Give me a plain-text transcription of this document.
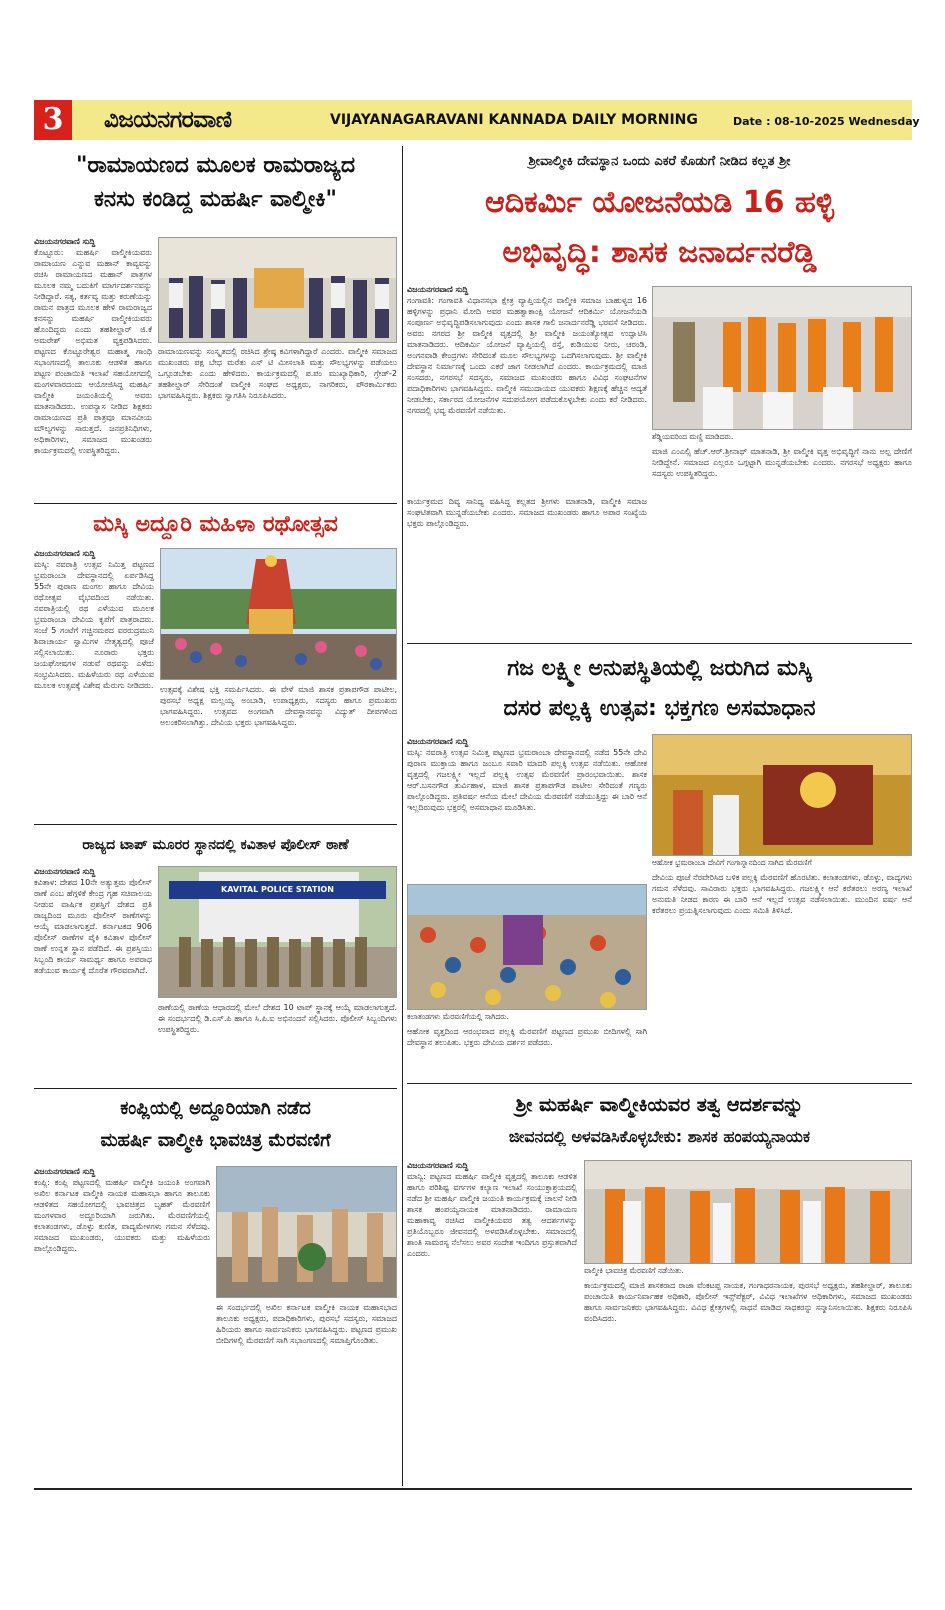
3	ವಿಜಯನಗರವಾಣಿ	VIJAYANAGARAVANI KANNADA DAILY MORNING	Date : 08-10-2025 Wednesday
"ರಾಮಾಯಣದ ಮೂಲಕ ರಾಮರಾಜ್ಯದ
ಕನಸು ಕಂಡಿದ್ದ ಮಹರ್ಷಿ ವಾಲ್ಮೀಕಿ"
ವಿಜಯನಗರವಾಣಿ ಸುದ್ದಿ
ಕೊಟ್ಟೂರು: ಮಹರ್ಷಿ ವಾಲ್ಮೀಕಿಯವರು ರಾಮಾಯಣ ಎನ್ನುವ ಮಹಾನ್ ಕಾವ್ಯವನ್ನು ರಚಿಸಿ ರಾಮಾಯಣದ ಮಹಾನ್ ಪಾತ್ರಗಳ ಮೂಲಕ ನಮ್ಮ ಬದುಕಿಗೆ ಮಾರ್ಗದರ್ಶನವನ್ನು ನೀಡಿದ್ದಾರೆ. ಸತ್ಯ, ಕರ್ತವ್ಯ ಮತ್ತು ಕರುಣೆಯನ್ನು ರಾಮನ ಪಾತ್ರದ ಮೂಲಕ ಹೇಳಿ ರಾಮರಾಜ್ಯದ ಕನಸನ್ನು ಮಹರ್ಷಿ ವಾಲ್ಮೀಕಿಯವರು ಹೊಂದಿದ್ದರು ಎಂದು ತಹಶೀಲ್ದಾರ್ ಜಿ.ಕೆ ಅಮರೇಶ್ ಅಭಿಮತ ವ್ಯಕ್ತಪಡಿಸಿದರು. ಪಟ್ಟಣದ ಕೊಟ್ಟೂರೇಶ್ವರ ಮಹಾತ್ಮ ಗಾಂಧಿ ಸಭಾಂಗಣದಲ್ಲಿ ತಾಲೂಕು ಆಡಳಿತ ಹಾಗೂ ಪಟ್ಟಣ ಪಂಚಾಯಿತಿ ಇಲಾಖೆ ಸಹಯೋಗದಲ್ಲಿ ಮಂಗಳವಾರದಂದು ಆಯೋಜಿಸಿದ್ದ ಮಹರ್ಷಿ ವಾಲ್ಮೀಕಿ ಜಯಂತಿಯಲ್ಲಿ ಅವರು ಮಾತನಾಡಿದರು. ಉಪನ್ಯಾಸ ನೀಡಿದ ಶಿಕ್ಷಕರು ರಾಮಾಯಣದ ಪ್ರತಿ ಪಾತ್ರವೂ ಮಾನವೀಯ ಮೌಲ್ಯಗಳನ್ನು ಸಾರುತ್ತದೆ. ಜನಪ್ರತಿನಿಧಿಗಳು, ಅಧಿಕಾರಿಗಳು, ಸಮಾಜದ ಮುಖಂಡರು ಕಾರ್ಯಕ್ರಮದಲ್ಲಿ ಉಪಸ್ಥಿತರಿದ್ದರು.
ರಾಮಾಯಣವನ್ನು ಸಂಸ್ಕೃತದಲ್ಲಿ ರಚಿಸಿದ ಶ್ರೇಷ್ಠ ಕವಿಗಳಾಗಿದ್ದಾರೆ ಎಂದರು. ವಾಲ್ಮೀಕಿ ಸಮಾಜದ ಮುಖಂಡರು ಪಕ್ಷ ಬೇಧ ಮರೆತು ಎಸ್ ಟಿ ಮೀಸಲಾತಿ ಮತ್ತು ಸೌಲಭ್ಯಗಳನ್ನು ಪಡೆಯಲು ಒಗ್ಗೂಡಬೇಕು ಎಂದು ಹೇಳಿದರು. ಕಾರ್ಯಕ್ರಮದಲ್ಲಿ ಪ.ಪಂ ಮುಖ್ಯಾಧಿಕಾರಿ, ಗ್ರೇಡ್-2 ತಹಶೀಲ್ದಾರ್ ಸೇರಿದಂತೆ ವಾಲ್ಮೀಕಿ ಸಂಘದ ಅಧ್ಯಕ್ಷರು, ನಾಗರಿಕರು, ಪೌರಕಾರ್ಮಿಕರು ಭಾಗವಹಿಸಿದ್ದರು. ಶಿಕ್ಷಕರು ಸ್ವಾಗತಿಸಿ ನಿರೂಪಿಸಿದರು.
ಮಸ್ಕಿ ಅದ್ದೂರಿ ಮಹಿಳಾ ರಥೋತ್ಸವ
ವಿಜಯನಗರವಾಣಿ ಸುದ್ದಿ
ಮಸ್ಕಿ: ನವರಾತ್ರಿ ಉತ್ಸವ ನಿಮಿತ್ತ ಪಟ್ಟಣದ ಭ್ರಮರಾಂಬಾ ದೇವಸ್ಥಾನದಲ್ಲಿ ಏರ್ಪಡಿಸಿದ್ದ 55ನೇ ಪುರಾಣ ಮಂಗಲ ಹಾಗೂ ದೇವಿಯ ರಥೋತ್ಸವ ವೈಭವದಿಂದ ನಡೆಯಿತು. ನವರಾತ್ರಿಯಲ್ಲಿ ರಥ ಎಳೆಯುವ ಮೂಲಕ ಭ್ರಮರಾಂಬಾ ದೇವಿಯ ಕೃಪೆಗೆ ಪಾತ್ರರಾದರು. ಸಂಜೆ 5 ಗಂಟೆಗೆ ಗಚ್ಚಿನಮಠದ ವರರುದ್ರಮುನಿ ಶಿವಾಚಾರ್ಯ ಸ್ವಾಮಿಗಳ ನೇತೃತ್ವದಲ್ಲಿ ಪೂಜೆ ಸಲ್ಲಿಸಲಾಯಿತು. ನೂರಾರು ಭಕ್ತರು ಜಯಘೋಷಗಳ ನಡುವೆ ರಥವನ್ನು ಎಳೆದು ಸಂಭ್ರಮಿಸಿದರು. ಮಹಿಳೆಯರು ರಥ ಎಳೆಯುವ ಮೂಲಕ ಉತ್ಸವಕ್ಕೆ ವಿಶೇಷ ಮೆರುಗು ನೀಡಿದರು. ಉತ್ಸವಕ್ಕೆ ವಿಶೇಷ ಭಕ್ತಿ ಸಮರ್ಪಿಸಿದರು. ಈ ವೇಳೆ ಮಾಜಿ ಶಾಸಕ ಪ್ರತಾಪಗೌಡ ಪಾಟೀಲ, ಪುರಸಭೆ ಅಧ್ಯಕ್ಷ ಮಲ್ಲಯ್ಯ ಅಂಬಾಡಿ, ಉಪಾಧ್ಯಕ್ಷರು, ಸದಸ್ಯರು ಹಾಗೂ ಪ್ರಮುಖರು ಭಾಗವಹಿಸಿದ್ದರು. ಉತ್ಸವದ ಅಂಗವಾಗಿ ದೇವಸ್ಥಾನವನ್ನು ವಿದ್ಯುತ್ ದೀಪಗಳಿಂದ ಅಲಂಕರಿಸಲಾಗಿತ್ತು. ದೇವಿಯ ಭಕ್ತರು ಭಾಗವಹಿಸಿದ್ದರು.
ರಾಜ್ಯದ ಟಾಪ್ ಮೂರರ ಸ್ಥಾನದಲ್ಲಿ ಕವಿತಾಳ ಪೊಲೀಸ್ ಠಾಣೆ
ವಿಜಯನಗರವಾಣಿ ಸುದ್ದಿ
ಕವಿತಾಳ: ದೇಶದ 10ನೇ ಅತ್ಯುತ್ತಮ ಪೊಲೀಸ್ ಠಾಣೆ ಎಂಬ ಹೆಗ್ಗಳಿಕೆ ಕೇಂದ್ರ ಗೃಹ ಸಚಿವಾಲಯ ನೀಡುವ ವಾರ್ಷಿಕ ಪ್ರಶಸ್ತಿಗೆ ದೇಶದ ಪ್ರತಿ ರಾಜ್ಯದಿಂದ ಮೂರು ಪೊಲೀಸ್ ಠಾಣೆಗಳನ್ನು ಆಯ್ಕೆ ಮಾಡಲಾಗುತ್ತದೆ. ಕರ್ನಾಟಕದ 906 ಪೊಲೀಸ್ ಠಾಣೆಗಳ ಪೈಕಿ ಕವಿತಾಳ ಪೊಲೀಸ್ ಠಾಣೆ ಉನ್ನತ ಸ್ಥಾನ ಪಡೆದಿದೆ. ಈ ಪ್ರಶಸ್ತಿಯು ಸಿಬ್ಬಂದಿ ಕಾರ್ಯ ಸಾಮರ್ಥ್ಯ ಹಾಗೂ ಅಪರಾಧ ತಡೆಯುವ ಕಾರ್ಯಕ್ಕೆ ದೊರೆತ ಗೌರವವಾಗಿದೆ.
KAVITAL POLICE STATION
ಠಾಣೆಯಲ್ಲಿ ಠಾಣೆಯ ಆಧಾರದಲ್ಲಿ ಮೇಲೆ ದೇಶದ 10 ಟಾಪ್ ಸ್ಥಾನಕ್ಕೆ ಆಯ್ಕೆ ಮಾಡಲಾಗುತ್ತದೆ. ಈ ಸಂದರ್ಭದಲ್ಲಿ ಡಿ.ಎಸ್.ಪಿ ಹಾಗೂ ಸಿ.ಪಿ.ಐ ಅಭಿನಂದನೆ ಸಲ್ಲಿಸಿದರು. ಪೊಲೀಸ್ ಸಿಬ್ಬಂದಿಗಳು ಉಪಸ್ಥಿತರಿದ್ದರು.
ಕಂಪ್ಲಿಯಲ್ಲಿ ಅದ್ದೂರಿಯಾಗಿ ನಡೆದ
ಮಹರ್ಷಿ ವಾಲ್ಮೀಕಿ ಭಾವಚಿತ್ರ ಮೆರವಣಿಗೆ
ವಿಜಯನಗರವಾಣಿ ಸುದ್ದಿ
ಕಂಪ್ಲಿ: ಕಂಪ್ಲಿ ಪಟ್ಟಣದಲ್ಲಿ ಮಹರ್ಷಿ ವಾಲ್ಮೀಕಿ ಜಯಂತಿ ಅಂಗವಾಗಿ ಅಖಿಲ ಕರ್ನಾಟಕ ವಾಲ್ಮೀಕಿ ನಾಯಕ ಮಹಾಸಭಾ ಹಾಗೂ ತಾಲೂಕು ಆಡಳಿತದ ಸಹಯೋಗದಲ್ಲಿ ಭಾವಚಿತ್ರದ ಬೃಹತ್ ಮೆರವಣಿಗೆ ಮಂಗಳವಾರ ಅದ್ದೂರಿಯಾಗಿ ಜರುಗಿತು. ಮೆರವಣಿಗೆಯಲ್ಲಿ ಕಲಾತಂಡಗಳು, ಡೊಳ್ಳು ಕುಣಿತ, ವಾದ್ಯಮೇಳಗಳು ಗಮನ ಸೆಳೆದವು. ಸಮಾಜದ ಮುಖಂಡರು, ಯುವಕರು ಮತ್ತು ಮಹಿಳೆಯರು ಪಾಲ್ಗೊಂಡಿದ್ದರು.
ಈ ಸಂದರ್ಭದಲ್ಲಿ ಅಖಿಲ ಕರ್ನಾಟಕ ವಾಲ್ಮೀಕಿ ನಾಯಕ ಮಹಾಸಭಾದ ತಾಲೂಕು ಅಧ್ಯಕ್ಷರು, ಪದಾಧಿಕಾರಿಗಳು, ಪುರಸಭೆ ಸದಸ್ಯರು, ಸಮಾಜದ ಹಿರಿಯರು ಹಾಗೂ ಸಾರ್ವಜನಿಕರು ಭಾಗವಹಿಸಿದ್ದರು. ಪಟ್ಟಣದ ಪ್ರಮುಖ ಬೀದಿಗಳಲ್ಲಿ ಮೆರವಣಿಗೆ ಸಾಗಿ ಸಭಾಂಗಣದಲ್ಲಿ ಸಮಾಪ್ತಿಗೊಂಡಿತು.
ಶ್ರೀವಾಲ್ಮೀಕಿ ದೇವಸ್ಥಾನ ಒಂದು ಎಕರೆ ಕೊಡುಗೆ ನೀಡಿದ ಕಲ್ಲತ ಶ್ರೀ
ಆದಿಕರ್ಮಿ ಯೋಜನೆಯಡಿ 16 ಹಳ್ಳಿ
ಅಭಿವೃದ್ಧಿ: ಶಾಸಕ ಜನಾರ್ದನರೆಡ್ಡಿ
ವಿಜಯನಗರವಾಣಿ ಸುದ್ದಿ
ಗಂಗಾವತಿ: ಗಂಗಾವತಿ ವಿಧಾನಸಭಾ ಕ್ಷೇತ್ರ ವ್ಯಾಪ್ತಿಯಲ್ಲಿನ ವಾಲ್ಮೀಕಿ ಸಮಾಜ ಬಾಹುಳ್ಯದ 16 ಹಳ್ಳಿಗಳನ್ನು ಪ್ರಧಾನಿ ಮೋದಿ ಅವರ ಮಹತ್ವಾಕಾಂಕ್ಷಿ ಯೋಜನೆ ಆದಿಕರ್ಮಿ ಯೋಜನೆಯಡಿ ಸಂಪೂರ್ಣ ಅಭಿವೃದ್ಧಿಪಡಿಸಲಾಗುವುದು ಎಂದು ಶಾಸಕ ಗಾಲಿ ಜನಾರ್ದನರೆಡ್ಡಿ ಭರವಸೆ ನೀಡಿದರು. ಅವರು ನಗರದ ಶ್ರೀ ವಾಲ್ಮೀಕಿ ವೃತ್ತದಲ್ಲಿ ಶ್ರೀ ವಾಲ್ಮೀಕಿ ಜಯಂತ್ಯೋತ್ಸವ ಉದ್ಘಾಟಿಸಿ ಮಾತನಾಡಿದರು. ಆದಿಕರ್ಮಿ ಯೋಜನೆ ವ್ಯಾಪ್ತಿಯಲ್ಲಿ ರಸ್ತೆ, ಕುಡಿಯುವ ನೀರು, ಚರಂಡಿ, ಅಂಗನವಾಡಿ ಕೇಂದ್ರಗಳು ಸೇರಿದಂತೆ ಮೂಲ ಸೌಲಭ್ಯಗಳನ್ನು ಒದಗಿಸಲಾಗುವುದು. ಶ್ರೀ ವಾಲ್ಮೀಕಿ ದೇವಸ್ಥಾನ ನಿರ್ಮಾಣಕ್ಕೆ ಒಂದು ಎಕರೆ ಜಾಗ ನೀಡಲಾಗಿದೆ ಎಂದರು. ಕಾರ್ಯಕ್ರಮದಲ್ಲಿ ಮಾಜಿ ಸಂಸದರು, ನಗರಸಭೆ ಸದಸ್ಯರು, ಸಮಾಜದ ಮುಖಂಡರು ಹಾಗೂ ವಿವಿಧ ಸಂಘಟನೆಗಳ ಪದಾಧಿಕಾರಿಗಳು ಭಾಗವಹಿಸಿದ್ದರು. ವಾಲ್ಮೀಕಿ ಸಮುದಾಯದ ಯುವಕರು ಶಿಕ್ಷಣಕ್ಕೆ ಹೆಚ್ಚಿನ ಆದ್ಯತೆ ನೀಡಬೇಕು, ಸರ್ಕಾರದ ಯೋಜನೆಗಳ ಸದುಪಯೋಗ ಪಡೆದುಕೊಳ್ಳಬೇಕು ಎಂದು ಕರೆ ನೀಡಿದರು. ನಗರದಲ್ಲಿ ಭವ್ಯ ಮೆರವಣಿಗೆ ನಡೆಯಿತು.
ಶೆಡ್ಡಿಯವರಿಂದ ಮಣ್ಣಿ ಮಾಡಿದರು.
ಮಾಜಿ ಎಂಎಲ್ಸಿ ಹೆಚ್.ಆರ್.ಶ್ರೀನಾಥ್ ಮಾತನಾಡಿ, ಶ್ರೀ ವಾಲ್ಮೀಕಿ ವೃತ್ತ ಅಭಿವೃದ್ಧಿಗೆ ನಾನು ಅಲ್ಪ ದೇಣಿಗೆ ನೀಡಿದ್ದೇನೆ. ಸಮಾಜದ ಎಲ್ಲರೂ ಒಗ್ಗಟ್ಟಾಗಿ ಮುನ್ನಡೆಯಬೇಕು ಎಂದರು. ನಗರಸಭೆ ಅಧ್ಯಕ್ಷರು ಹಾಗೂ ಸದಸ್ಯರು ಉಪಸ್ಥಿತರಿದ್ದರು.
ಕಾರ್ಯಕ್ರಮದ ದಿವ್ಯ ಸಾನಿಧ್ಯ ವಹಿಸಿದ್ದ ಕಲ್ಲತದ ಶ್ರೀಗಳು ಮಾತನಾಡಿ, ವಾಲ್ಮೀಕಿ ಸಮಾಜ ಸಂಘಟಿತವಾಗಿ ಮುನ್ನಡೆಯಬೇಕು ಎಂದರು. ಸಮಾಜದ ಮುಖಂಡರು ಹಾಗೂ ಅಪಾರ ಸಂಖ್ಯೆಯ ಭಕ್ತರು ಪಾಲ್ಗೊಂಡಿದ್ದರು.
ಗಜ ಲಕ್ಷ್ಮೀ ಅನುಪಸ್ಥಿತಿಯಲ್ಲಿ ಜರುಗಿದ ಮಸ್ಕಿ
ದಸರ ಪಲ್ಲಕ್ಕಿ ಉತ್ಸವ: ಭಕ್ತಗಣ ಅಸಮಾಧಾನ
ವಿಜಯನಗರವಾಣಿ ಸುದ್ದಿ
ಮಸ್ಕಿ: ನವರಾತ್ರಿ ಉತ್ಸವ ನಿಮಿತ್ತ ಪಟ್ಟಣದ ಭ್ರಮರಾಂಬಾ ದೇವಸ್ಥಾನದಲ್ಲಿ ನಡೆದ 55ನೇ ದೇವಿ ಪುರಾಣ ಮುಕ್ತಾಯ ಹಾಗೂ ಜಂಬೂ ಸವಾರಿ ಮಾದರಿ ಪಲ್ಲಕ್ಕಿ ಉತ್ಸವ ನಡೆಯಿತು. ಆಹೋಕ ವೃತ್ತದಲ್ಲಿ ಗಜಲಕ್ಷ್ಮೀ ಇಲ್ಲದೆ ಪಲ್ಲಕ್ಕಿ ಉತ್ಸವ ಮೆರವಣಿಗೆ ಪ್ರಾರಂಭವಾಯಿತು. ಶಾಸಕ ಆರ್.ಬಸನಗೌಡ ತುರ್ವಿಹಾಳ, ಮಾಜಿ ಶಾಸಕ ಪ್ರತಾಪಗೌಡ ಪಾಟೀಲ ಸೇರಿದಂತೆ ಗಣ್ಯರು ಪಾಲ್ಗೊಂಡಿದ್ದರು. ಪ್ರತಿವರ್ಷ ಆನೆಯ ಮೇಲೆ ದೇವಿಯ ಮೆರವಣಿಗೆ ನಡೆಯುತ್ತಿದ್ದು ಈ ಬಾರಿ ಆನೆ ಇಲ್ಲದಿರುವುದು ಭಕ್ತರಲ್ಲಿ ಅಸಮಾಧಾನ ಮೂಡಿಸಿತು.
ಆಹೋಕ ಭ್ರಮರಾಂಬಾ ದೇವಿಗೆ ಗಂಗಾಸ್ನಾನದಿಂದ ಸಾಗಿದ ಮೆರವಣಿಗೆ
ದೇವಿಯ ಪೂಜೆ ನೆರವೇರಿಸಿದ ಬಳಿಕ ಪಲ್ಲಕ್ಕಿ ಮೆರವಣಿಗೆ ಹೊರಟಿತು. ಕಲಾತಂಡಗಳು, ಡೊಳ್ಳು, ವಾದ್ಯಗಳು ಗಮನ ಸೆಳೆದವು. ಸಾವಿರಾರು ಭಕ್ತರು ಭಾಗವಹಿಸಿದ್ದರು. ಗಜಲಕ್ಷ್ಮೀ ಆನೆ ಕರೆತರಲು ಅರಣ್ಯ ಇಲಾಖೆ ಅನುಮತಿ ನೀಡದ ಕಾರಣ ಈ ಬಾರಿ ಆನೆ ಇಲ್ಲದೆ ಉತ್ಸವ ನಡೆಸಲಾಯಿತು. ಮುಂದಿನ ವರ್ಷ ಆನೆ ಕರೆತರಲು ಪ್ರಯತ್ನಿಸಲಾಗುವುದು ಎಂದು ಸಮಿತಿ ತಿಳಿಸಿದೆ.
ಕಲಾತಂಡಗಳು ಮೆರವಣಿಗೆಯಲ್ಲಿ ಸಾಗಿದರು.
ಆಹೋಕ ವೃತ್ತದಿಂದ ಆರಂಭವಾದ ಪಲ್ಲಕ್ಕಿ ಮೆರವಣಿಗೆ ಪಟ್ಟಣದ ಪ್ರಮುಖ ಬೀದಿಗಳಲ್ಲಿ ಸಾಗಿ ದೇವಸ್ಥಾನ ತಲುಪಿತು. ಭಕ್ತರು ದೇವಿಯ ದರ್ಶನ ಪಡೆದರು.
ಶ್ರೀ ಮಹರ್ಷಿ ವಾಲ್ಮೀಕಿಯವರ ತತ್ವ ಆದರ್ಶವನ್ನು
ಜೀವನದಲ್ಲಿ ಅಳವಡಿಸಿಕೊಳ್ಳಬೇಕು: ಶಾಸಕ ಹಂಪಯ್ಯನಾಯಕ
ವಿಜಯನಗರವಾಣಿ ಸುದ್ದಿ
ಮಾನ್ವಿ: ಪಟ್ಟಣದ ಮಹರ್ಷಿ ವಾಲ್ಮೀಕಿ ವೃತ್ತದಲ್ಲಿ ತಾಲೂಕು ಆಡಳಿತ ಹಾಗೂ ಪರಿಶಿಷ್ಟ ವರ್ಗಗಳ ಕಲ್ಯಾಣ ಇಲಾಖೆ ಸಂಯುಕ್ತಾಶ್ರಯದಲ್ಲಿ ನಡೆದ ಶ್ರೀ ಮಹರ್ಷಿ ವಾಲ್ಮೀಕಿ ಜಯಂತಿ ಕಾರ್ಯಕ್ರಮಕ್ಕೆ ಚಾಲನೆ ನೀಡಿ ಶಾಸಕ ಹಂಪಯ್ಯನಾಯಕ ಮಾತನಾಡಿದರು. ರಾಮಾಯಣ ಮಹಾಕಾವ್ಯ ರಚಿಸಿದ ವಾಲ್ಮೀಕಿಯವರ ತತ್ವ ಆದರ್ಶಗಳನ್ನು ಪ್ರತಿಯೊಬ್ಬರೂ ಜೀವನದಲ್ಲಿ ಅಳವಡಿಸಿಕೊಳ್ಳಬೇಕು. ಸಮಾಜದಲ್ಲಿ ಶಾಂತಿ ಸಾಮರಸ್ಯ ನೆಲೆಸಲು ಅವರ ಸಂದೇಶ ಇಂದಿಗೂ ಪ್ರಸ್ತುತವಾಗಿದೆ ಎಂದರು.
ವಾಲ್ಮೀಕಿ ಭಾವಚಿತ್ರ ಮೆರವಣಿಗೆ ನಡೆಯಿತು.
ಕಾರ್ಯಕ್ರಮದಲ್ಲಿ ಮಾಜಿ ಶಾಸಕರಾದ ರಾಜಾ ವೆಂಕಟಪ್ಪ ನಾಯಕ, ಗಂಗಾಧರನಾಯಕ, ಪುರಸಭೆ ಅಧ್ಯಕ್ಷರು, ತಹಶೀಲ್ದಾರ್, ತಾಲೂಕು ಪಂಚಾಯಿತಿ ಕಾರ್ಯನಿರ್ವಾಹಕ ಅಧಿಕಾರಿ, ಪೊಲೀಸ್ ಇನ್ಸ್‌ಪೆಕ್ಟರ್, ವಿವಿಧ ಇಲಾಖೆಗಳ ಅಧಿಕಾರಿಗಳು, ಸಮಾಜದ ಮುಖಂಡರು ಹಾಗೂ ಸಾರ್ವಜನಿಕರು ಭಾಗವಹಿಸಿದ್ದರು. ವಿವಿಧ ಕ್ಷೇತ್ರಗಳಲ್ಲಿ ಸಾಧನೆ ಮಾಡಿದ ಸಾಧಕರನ್ನು ಸನ್ಮಾನಿಸಲಾಯಿತು. ಶಿಕ್ಷಕರು ನಿರೂಪಿಸಿ ವಂದಿಸಿದರು.
